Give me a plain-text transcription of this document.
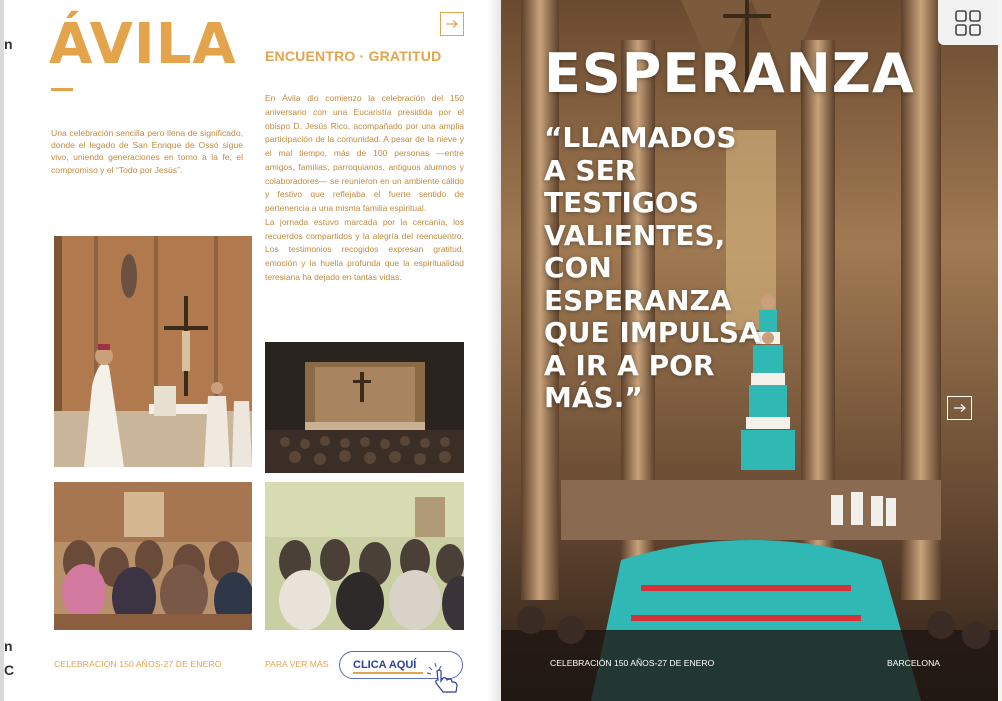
ÁVILA

Una celebración sencilla pero llena de significado, donde el legado de San Enrique de Ossó sigue vivo, uniendo generaciones en torno a la fe, el compromiso y el “Todo por Jesús”.

ENCUENTRO · GRATITUD

En Ávila dio comienzo la celebración del 150 aniversario con una Eucaristía presidida por el obispo D. Jesús Rico, acompañado por una amplia participación de la comunidad. A pesar de la nieve y el mal tiempo, más de 100 personas —entre amigos, familias, parroquianos, antiguos alumnos y colaboradores— se reunieron en un ambiente cálido y festivo que reflejaba el fuerte sentido de pertenencia a una misma familia espiritual.

La jornada estuvo marcada por la cercanía, los recuerdos compartidos y la alegría del reencuentro. Los testimonios recogidos expresan gratitud, emoción y la huella profunda que la espiritualidad teresiana ha dejado en tantas vidas.

CELEBRACIÓN 150 AÑOS-27 DE ENERO	PARA VER MÁS CLICA AQUÍ
n
n
C
ESPERANZA
“LLAMADOS A SER TESTIGOS VALIENTES, CON ESPERANZA QUE IMPULSA A IR A POR MÁS.”
CELEBRACIÓN 150 AÑOS-27 DE ENERO	BARCELONA
